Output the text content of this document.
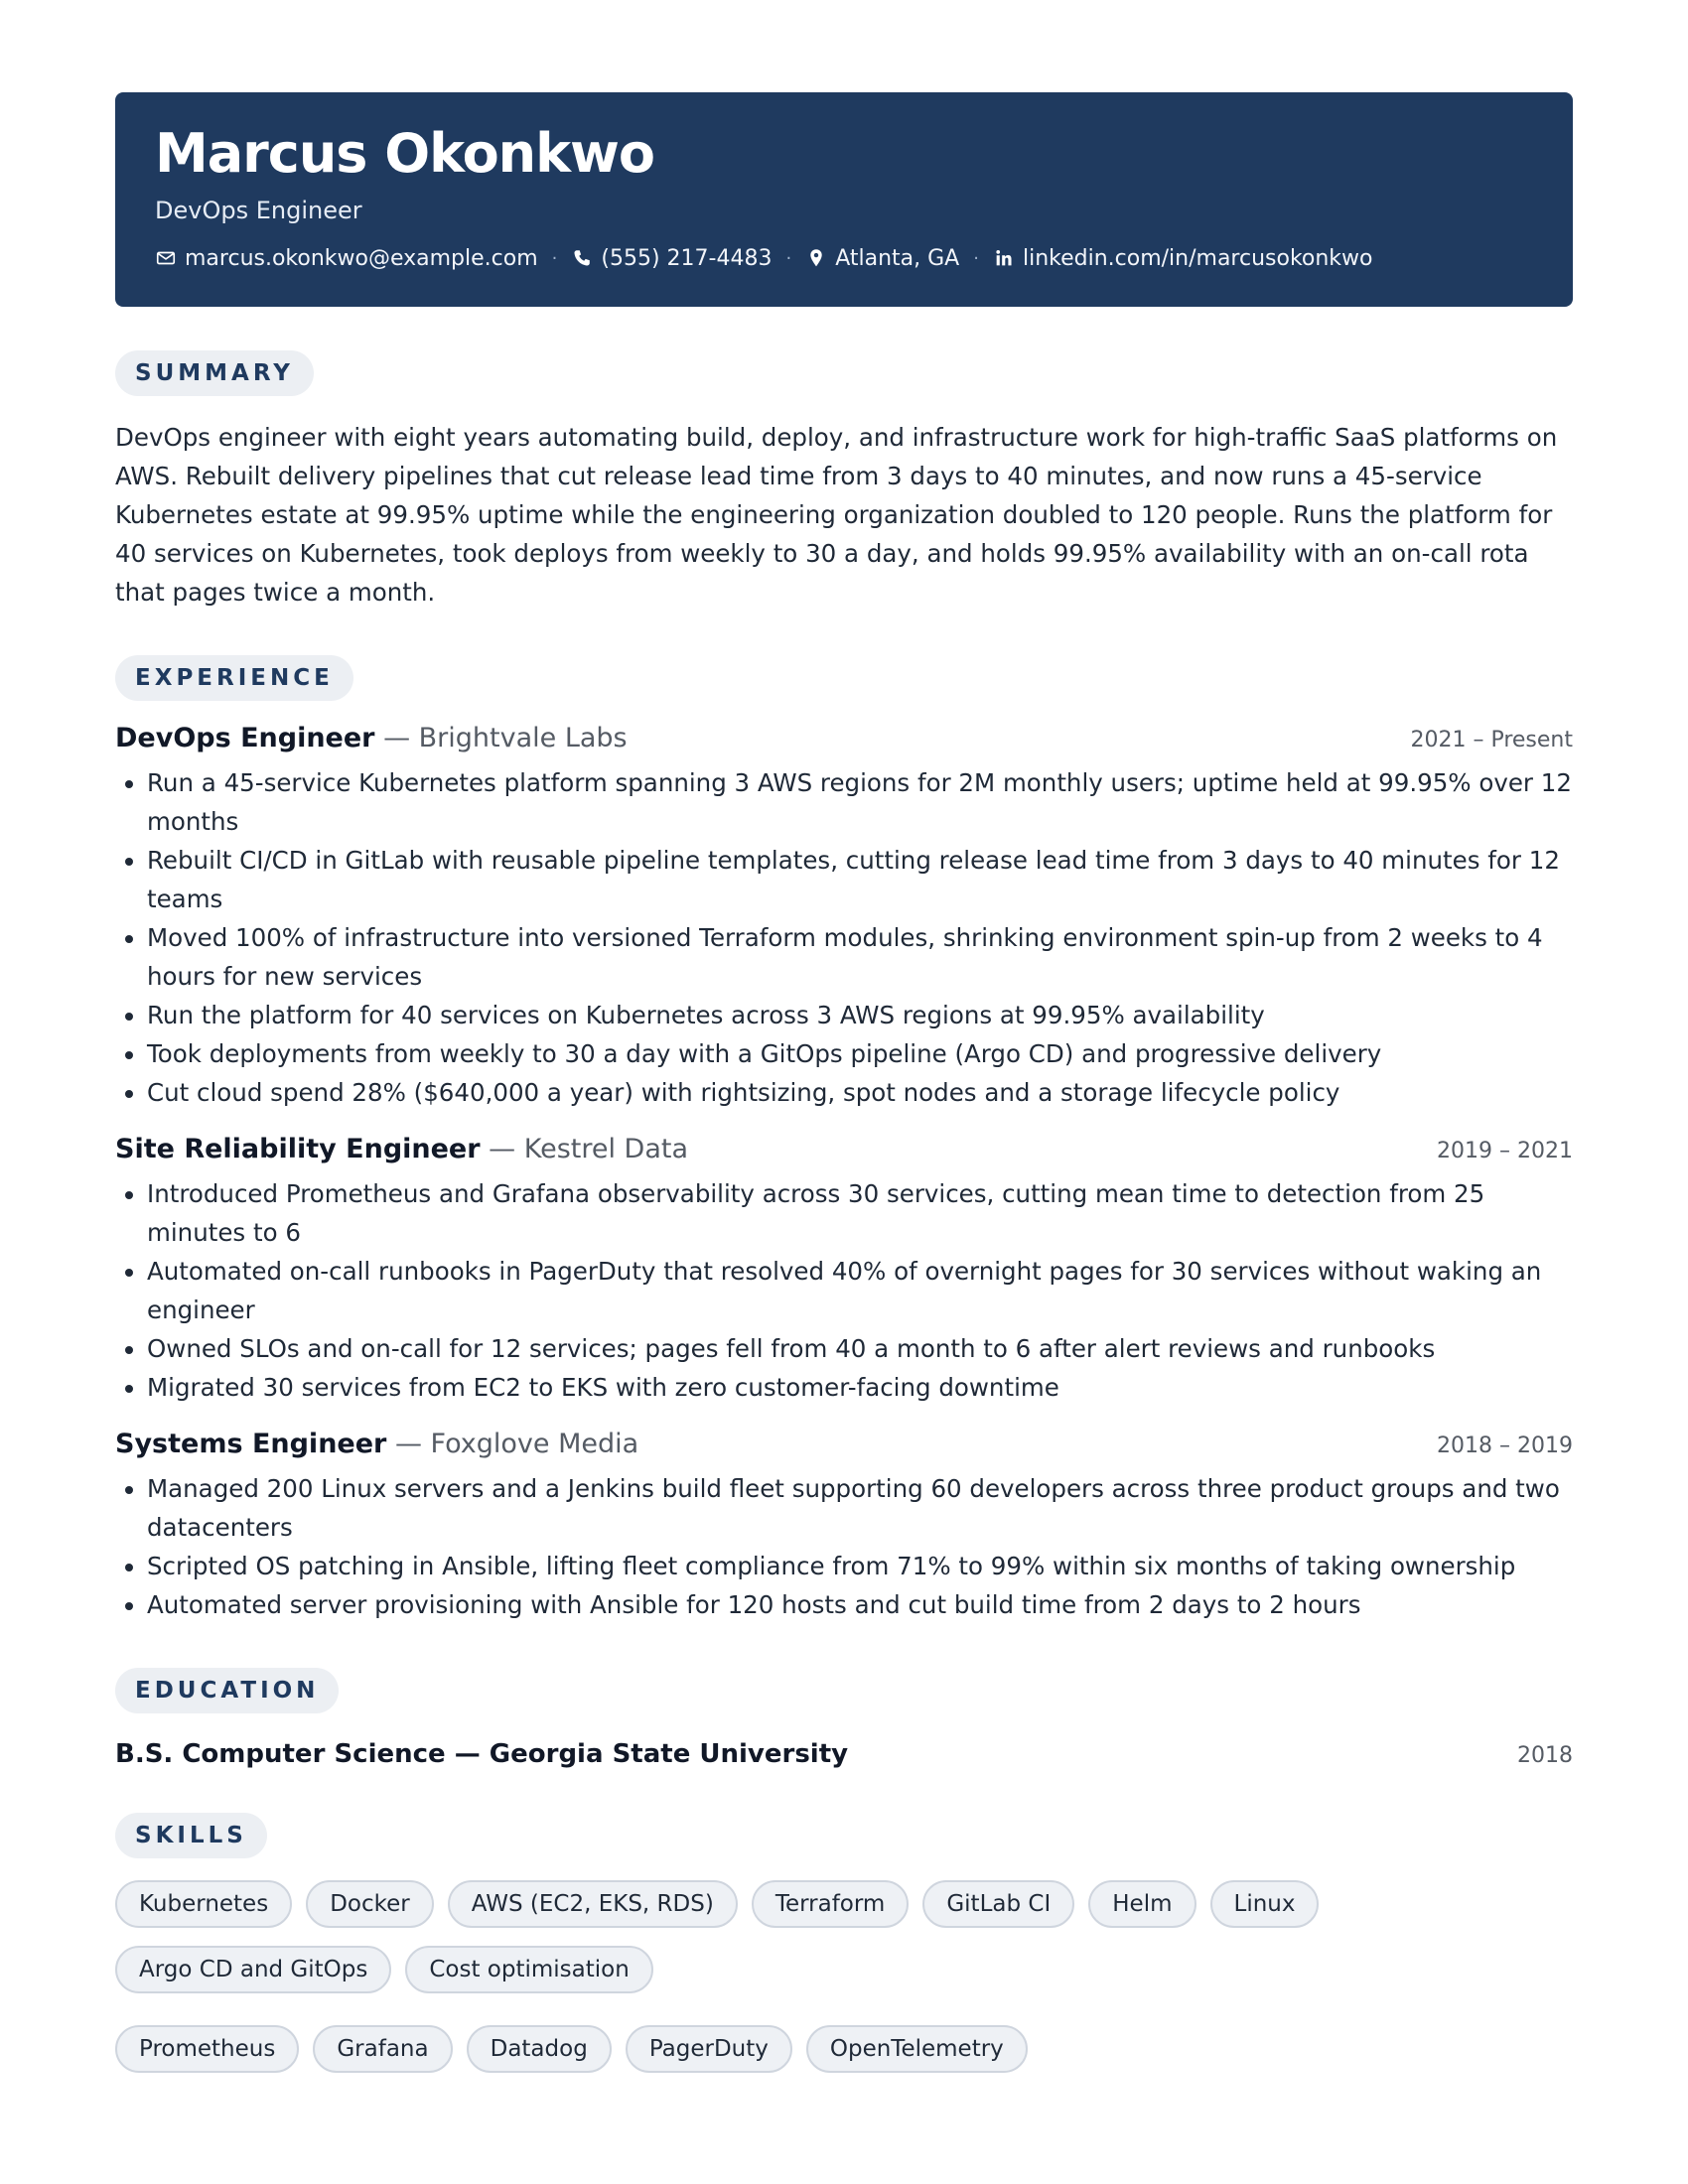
Marcus Okonkwo
DevOps Engineer
marcus.okonkwo@example.com · (555) 217-4483 · Atlanta, GA · linkedin.com/in/marcusokonkwo
SUMMARY
DevOps engineer with eight years automating build, deploy, and infrastructure work for high-traffic SaaS platforms on AWS. Rebuilt delivery pipelines that cut release lead time from 3 days to 40 minutes, and now runs a 45-service Kubernetes estate at 99.95% uptime while the engineering organization doubled to 120 people. Runs the platform for 40 services on Kubernetes, took deploys from weekly to 30 a day, and holds 99.95% availability with an on-call rota that pages twice a month.
EXPERIENCE
DevOps Engineer — Brightvale Labs	2021 – Present
• Run a 45-service Kubernetes platform spanning 3 AWS regions for 2M monthly users; uptime held at 99.95% over 12 months
• Rebuilt CI/CD in GitLab with reusable pipeline templates, cutting release lead time from 3 days to 40 minutes for 12 teams
• Moved 100% of infrastructure into versioned Terraform modules, shrinking environment spin-up from 2 weeks to 4 hours for new services
• Run the platform for 40 services on Kubernetes across 3 AWS regions at 99.95% availability
• Took deployments from weekly to 30 a day with a GitOps pipeline (Argo CD) and progressive delivery
• Cut cloud spend 28% ($640,000 a year) with rightsizing, spot nodes and a storage lifecycle policy
Site Reliability Engineer — Kestrel Data	2019 – 2021
• Introduced Prometheus and Grafana observability across 30 services, cutting mean time to detection from 25 minutes to 6
• Automated on-call runbooks in PagerDuty that resolved 40% of overnight pages for 30 services without waking an engineer
• Owned SLOs and on-call for 12 services; pages fell from 40 a month to 6 after alert reviews and runbooks
• Migrated 30 services from EC2 to EKS with zero customer-facing downtime
Systems Engineer — Foxglove Media	2018 – 2019
• Managed 200 Linux servers and a Jenkins build fleet supporting 60 developers across three product groups and two datacenters
• Scripted OS patching in Ansible, lifting fleet compliance from 71% to 99% within six months of taking ownership
• Automated server provisioning with Ansible for 120 hosts and cut build time from 2 days to 2 hours
EDUCATION
B.S. Computer Science — Georgia State University	2018
SKILLS
Kubernetes	Docker	AWS (EC2, EKS, RDS)	Terraform	GitLab CI	Helm	Linux
Argo CD and GitOps	Cost optimisation
Prometheus	Grafana	Datadog	PagerDuty	OpenTelemetry
